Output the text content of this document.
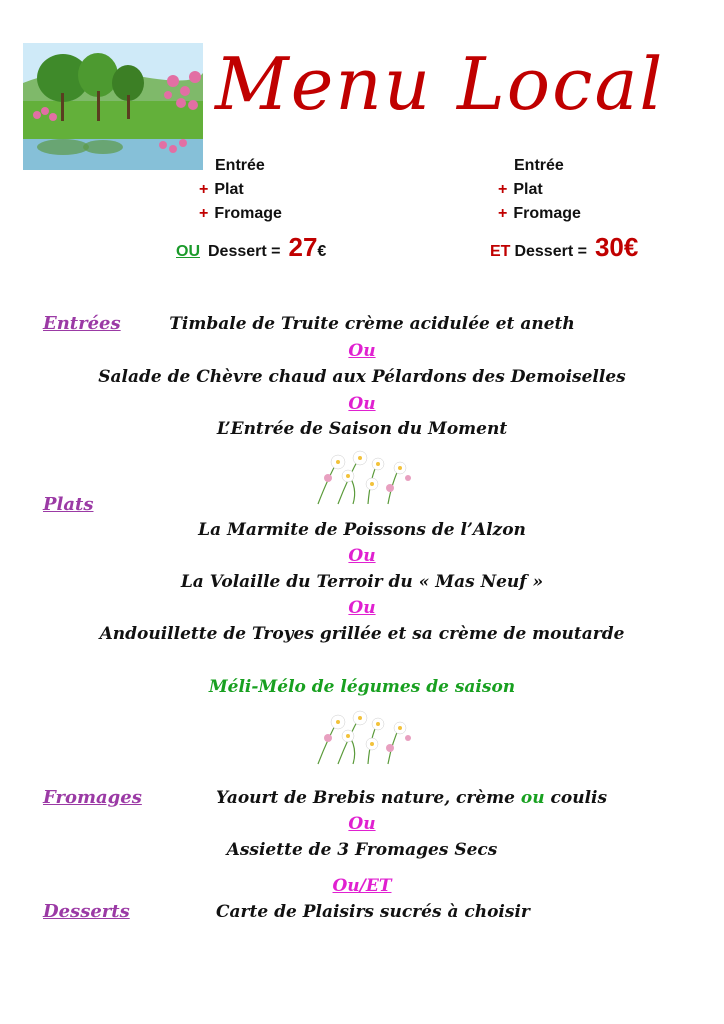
Menu Local
Entrée
+ Plat
+ Fromage
OU Dessert = 27€
Entrée
+ Plat
+ Fromage
ET Dessert = 30€
Entrées	Timbale de Truite crème acidulée et aneth
Ou
Salade de Chèvre chaud aux Pélardons des Demoiselles
Ou
L’Entrée de Saison du Moment
Plats
La Marmite de Poissons de l’Alzon
Ou
La Volaille du Terroir du « Mas Neuf »
Ou
Andouillette de Troyes grillée et sa crème de moutarde
Méli-Mélo de légumes de saison
Fromages	Yaourt de Brebis nature, crème ou coulis
Ou
Assiette de 3 Fromages Secs
Ou/ET
Desserts	Carte de Plaisirs sucrés à choisir
